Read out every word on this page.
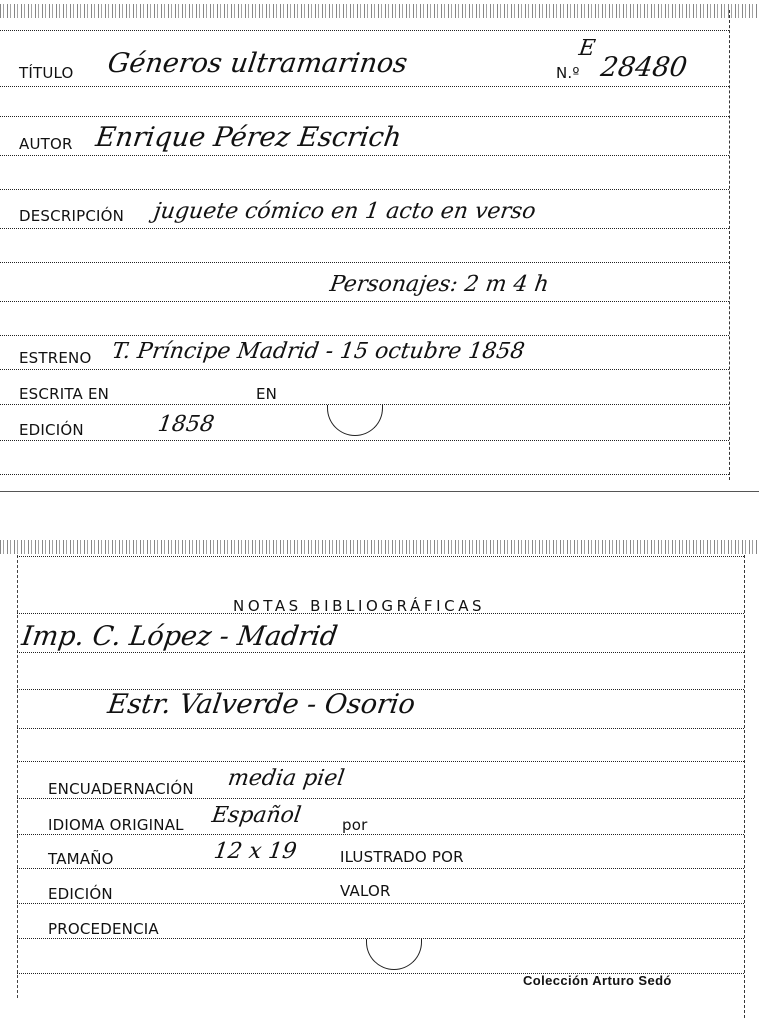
TÍTULO Géneros ultramarinos	N.º
E
28480
AUTOR Enrique Pérez Escrich
DESCRIPCIÓN juguete cómico en 1 acto en verso
Personajes: 2 m 4 h
ESTRENO T. Príncipe Madrid - 15 octubre 1858
ESCRITA EN	EN
EDICIÓN	1858
NOTAS BIBLIOGRÁFICAS
Imp. C. López - Madrid
Estr. Valverde - Osorio
ENCUADERNACIÓN media piel
IDIOMA ORIGINAL Español	por
TAMAÑO	12 x 19	ILUSTRADO POR
EDICIÓN	VALOR
PROCEDENCIA
Colección Arturo Sedó
